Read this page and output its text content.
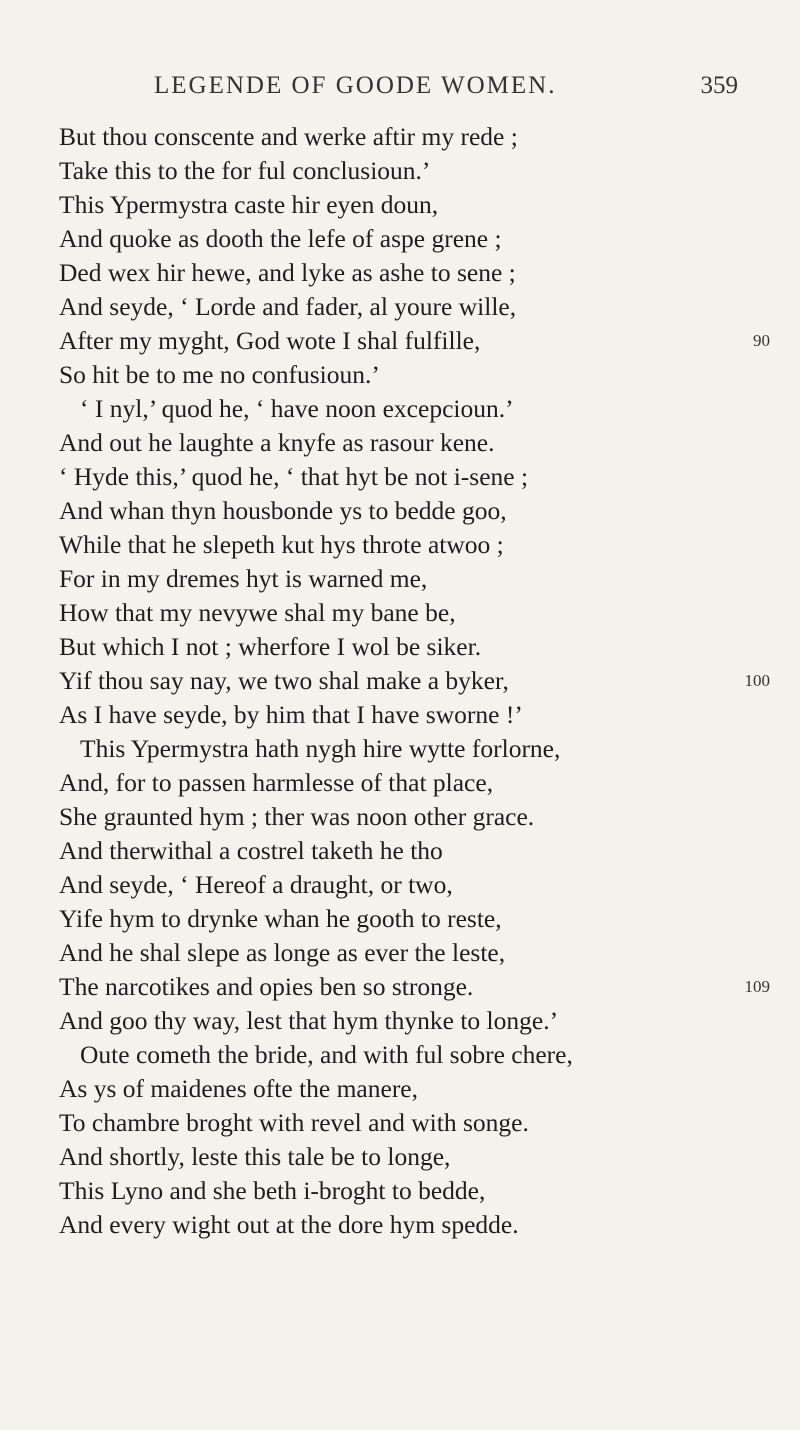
LEGENDE OF GOODE WOMEN.	359
But thou conscente and werke aftir my rede ;
Take this to the for ful conclusioun.’
This Ypermystra caste hir eyen doun,
And quoke as dooth the lefe of aspe grene ;
Ded wex hir hewe, and lyke as ashe to sene ;
And seyde, ‘ Lorde and fader, al youre wille,
After my myght, God wote I shal fulfille,	90
So hit be to me no confusioun.’
‘ I nyl,’ quod he, ‘ have noon excepcioun.’
And out he laughte a knyfe as rasour kene.
‘ Hyde this,’ quod he, ‘ that hyt be not i-sene ;
And whan thyn housbonde ys to bedde goo,
While that he slepeth kut hys throte atwoo ;
For in my dremes hyt is warned me,
How that my nevywe shal my bane be,
But which I not ; wherfore I wol be siker.
Yif thou say nay, we two shal make a byker,	100
As I have seyde, by him that I have sworne !’
This Ypermystra hath nygh hire wytte forlorne,
And, for to passen harmlesse of that place,
She graunted hym ; ther was noon other grace.
And therwithal a costrel taketh he tho
And seyde, ‘ Hereof a draught, or two,
Yife hym to drynke whan he gooth to reste,
And he shal slepe as longe as ever the leste,
The narcotikes and opies ben so stronge.	109
And goo thy way, lest that hym thynke to longe.’
Oute cometh the bride, and with ful sobre chere,
As ys of maidenes ofte the manere,
To chambre broght with revel and with songe.
And shortly, leste this tale be to longe,
This Lyno and she beth i-broght to bedde,
And every wight out at the dore hym spedde.
